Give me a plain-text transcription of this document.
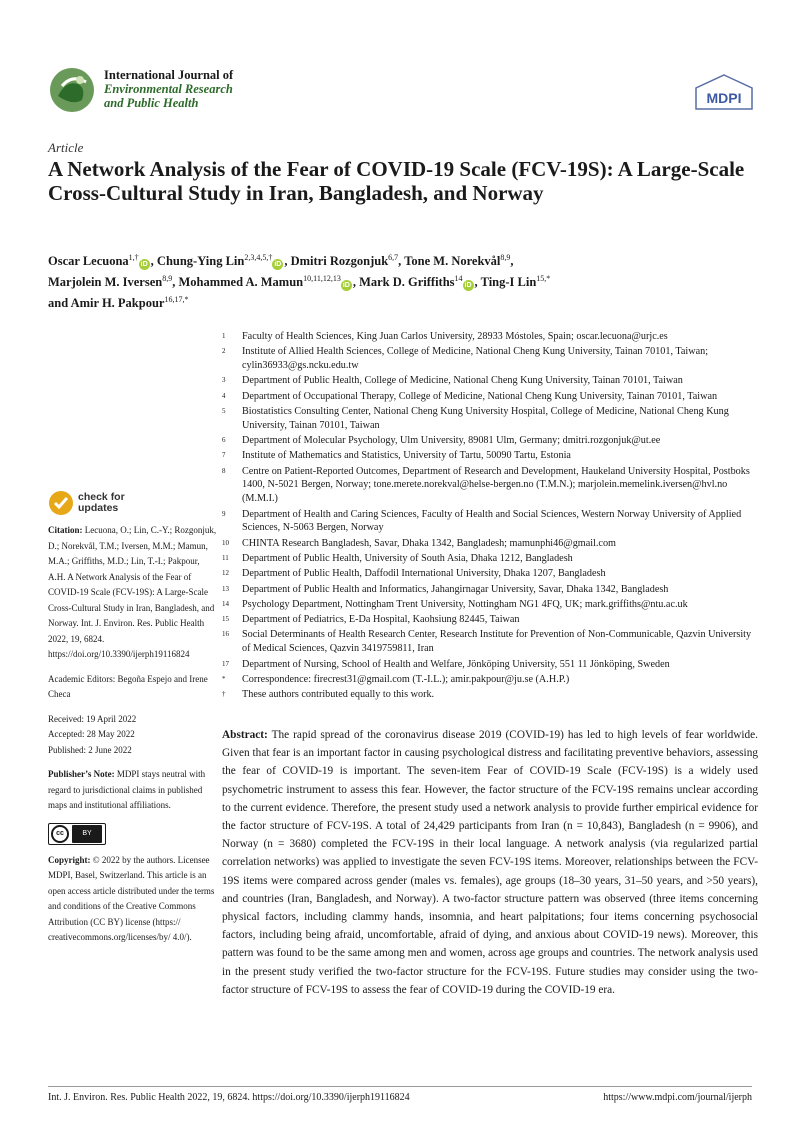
International Journal of
Environmental Research
and Public Health	MDPI
Article
A Network Analysis of the Fear of COVID-19 Scale (FCV-19S): A Large-Scale Cross-Cultural Study in Iran, Bangladesh, and Norway
Oscar Lecuona$^{1,\dagger}$iD , Chung-Ying Lin$^{2,3,4,5,\dagger}$iD , Dmitri Rozgonjuk$^{6,7}$, Tone M. Norekvål$^{8,9}$,
Marjolein M. Iversen$^{8,9}$, Mohammed A. Mamun$^{10,11,12,13}$iD , Mark D. Griffiths$^{14}$iD , Ting-I Lin$^{15,*}$
and Amir H. Pakpour$^{16,17,*}$
1	Faculty of Health Sciences, King Juan Carlos University, 28933 Móstoles, Spain; oscar.lecuona@urjc.es
2	Institute of Allied Health Sciences, College of Medicine, National Cheng Kung University, Tainan 70101, Taiwan; cylin36933@gs.ncku.edu.tw
3	Department of Public Health, College of Medicine, National Cheng Kung University, Tainan 70101, Taiwan
4	Department of Occupational Therapy, College of Medicine, National Cheng Kung University, Tainan 70101, Taiwan
5	Biostatistics Consulting Center, National Cheng Kung University Hospital, College of Medicine, National Cheng Kung University, Tainan 70101, Taiwan
6	Department of Molecular Psychology, Ulm University, 89081 Ulm, Germany; dmitri.rozgonjuk@ut.ee
7	Institute of Mathematics and Statistics, University of Tartu, 50090 Tartu, Estonia
8	Centre on Patient-Reported Outcomes, Department of Research and Development, Haukeland University Hospital, Postboks 1400, N-5021 Bergen, Norway; tone.merete.norekval@helse-bergen.no (T.M.N.); marjolein.memelink.iversen@hvl.no (M.M.I.)
9	Department of Health and Caring Sciences, Faculty of Health and Social Sciences, Western Norway University of Applied Sciences, N-5063 Bergen, Norway
10	CHINTA Research Bangladesh, Savar, Dhaka 1342, Bangladesh; mamunphi46@gmail.com
11	Department of Public Health, University of South Asia, Dhaka 1212, Bangladesh
12	Department of Public Health, Daffodil International University, Dhaka 1207, Bangladesh
13	Department of Public Health and Informatics, Jahangirnagar University, Savar, Dhaka 1342, Bangladesh
14	Psychology Department, Nottingham Trent University, Nottingham NG1 4FQ, UK; mark.griffiths@ntu.ac.uk
15	Department of Pediatrics, E-Da Hospital, Kaohsiung 82445, Taiwan
16	Social Determinants of Health Research Center, Research Institute for Prevention of Non-Communicable, Qazvin University of Medical Sciences, Qazvin 3419759811, Iran
17	Department of Nursing, School of Health and Welfare, Jönköping University, 551 11 Jönköping, Sweden
*	Correspondence: firecrest31@gmail.com (T.-I.L.); amir.pakpour@ju.se (A.H.P.)
†	These authors contributed equally to this work.
check for
updates
Citation: Lecuona, O.; Lin, C.-Y.; Rozgonjuk, D.; Norekvål, T.M.; Iversen, M.M.; Mamun, M.A.; Griffiths, M.D.; Lin, T.-I.; Pakpour, A.H. A Network Analysis of the Fear of COVID-19 Scale (FCV-19S): A Large-Scale Cross-Cultural Study in Iran, Bangladesh, and Norway. Int. J. Environ. Res. Public Health 2022, 19, 6824. https://doi.org/10.3390/ijerph19116824
Academic Editors: Begoña Espejo and Irene Checa
Received: 19 April 2022
Accepted: 28 May 2022
Published: 2 June 2022
Publisher’s Note: MDPI stays neutral with regard to jurisdictional claims in published maps and institutional affiliations.
cc	BY
Copyright: © 2022 by the authors. Licensee MDPI, Basel, Switzerland. This article is an open access article distributed under the terms and conditions of the Creative Commons Attribution (CC BY) license (https:// creativecommons.org/licenses/by/ 4.0/).
Abstract: The rapid spread of the coronavirus disease 2019 (COVID-19) has led to high levels of fear worldwide. Given that fear is an important factor in causing psychological distress and facilitating preventive behaviors, assessing the fear of COVID-19 is important. The seven-item Fear of COVID-19 Scale (FCV-19S) is a widely used psychometric instrument to assess this fear. However, the factor structure of the FCV-19S remains unclear according to the current evidence. Therefore, the present study used a network analysis to provide further empirical evidence for the factor structure of FCV-19S. A total of 24,429 participants from Iran (n = 10,843), Bangladesh (n = 9906), and Norway (n = 3680) completed the FCV-19S in their local language. A network analysis (via regularized partial correlation networks) was applied to investigate the seven FCV-19S items. Moreover, relationships between the FCV-19S items were compared across gender (males vs. females), age groups (18–30 years, 31–50 years, and >50 years), and countries (Iran, Bangladesh, and Norway). A two-factor structure pattern was observed (three items concerning physical factors, including clammy hands, insomnia, and heart palpitations; four items concerning psychosocial factors, including being afraid, uncomfortable, afraid of dying, and anxious about COVID-19 news). Moreover, this pattern was found to be the same among men and women, across age groups and countries. The network analysis used in the present study verified the two-factor structure for the FCV-19S. Future studies may consider using the two-factor structure of FCV-19S to assess the fear of COVID-19 during the COVID-19 era.
Int. J. Environ. Res. Public Health 2022, 19, 6824. https://doi.org/10.3390/ijerph19116824	https://www.mdpi.com/journal/ijerph
